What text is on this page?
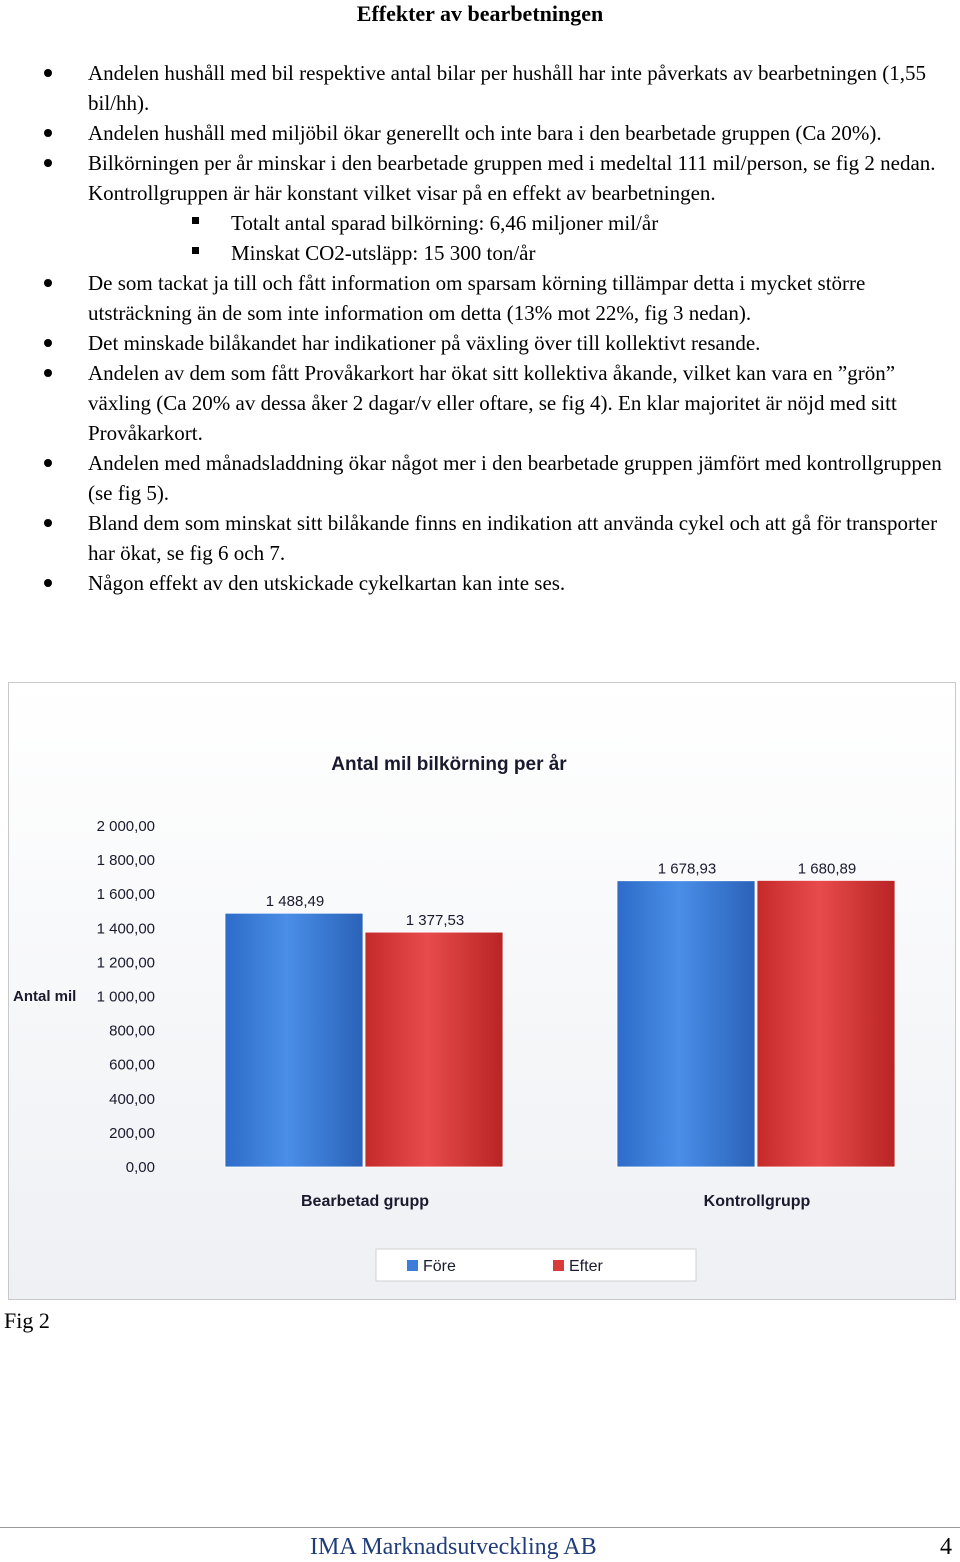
Effekter av bearbetningen
Andelen hushåll med bil respektive antal bilar per hushåll har inte påverkats av bearbetningen (1,55 bil/hh).
Andelen hushåll med miljöbil ökar generellt och inte bara i den bearbetade gruppen (Ca 20%).
Bilkörningen per år minskar i den bearbetade gruppen med i medeltal 111 mil/person, se fig 2 nedan. Kontrollgruppen är här konstant vilket visar på en effekt av bearbetningen.
Totalt antal sparad bilkörning: 6,46 miljoner mil/år
Minskat CO2-utsläpp: 15 300 ton/år
De som tackat ja till och fått information om sparsam körning tillämpar detta i mycket större utsträckning än de som inte information om detta (13% mot 22%, fig 3 nedan).
Det minskade bilåkandet har indikationer på växling över till kollektivt resande.
Andelen av dem som fått Provåkarkort har ökat sitt kollektiva åkande, vilket kan vara en ”grön” växling (Ca 20% av dessa åker 2 dagar/v eller oftare, se fig 4). En klar majoritet är nöjd med sitt Provåkarkort.
Andelen med månadsladdning ökar något mer i den bearbetade gruppen jämfört med kontrollgruppen (se fig 5).
Bland dem som minskat sitt bilåkande finns en indikation att använda cykel och att gå för transporter har ökat, se fig 6 och 7.
Någon effekt av den utskickade cykelkartan kan inte ses.
Antal mil bilkörning per år
Antal mil
0,00
200,00
400,00
600,00
800,00
1 000,00
1 200,00
1 400,00
1 600,00
1 800,00
2 000,00
1 488,49
1 377,53
1 678,93	1 680,89
Bearbetad grupp	Kontrollgrupp
Före	Efter
Fig 2
IMA Marknadsutveckling AB	4
